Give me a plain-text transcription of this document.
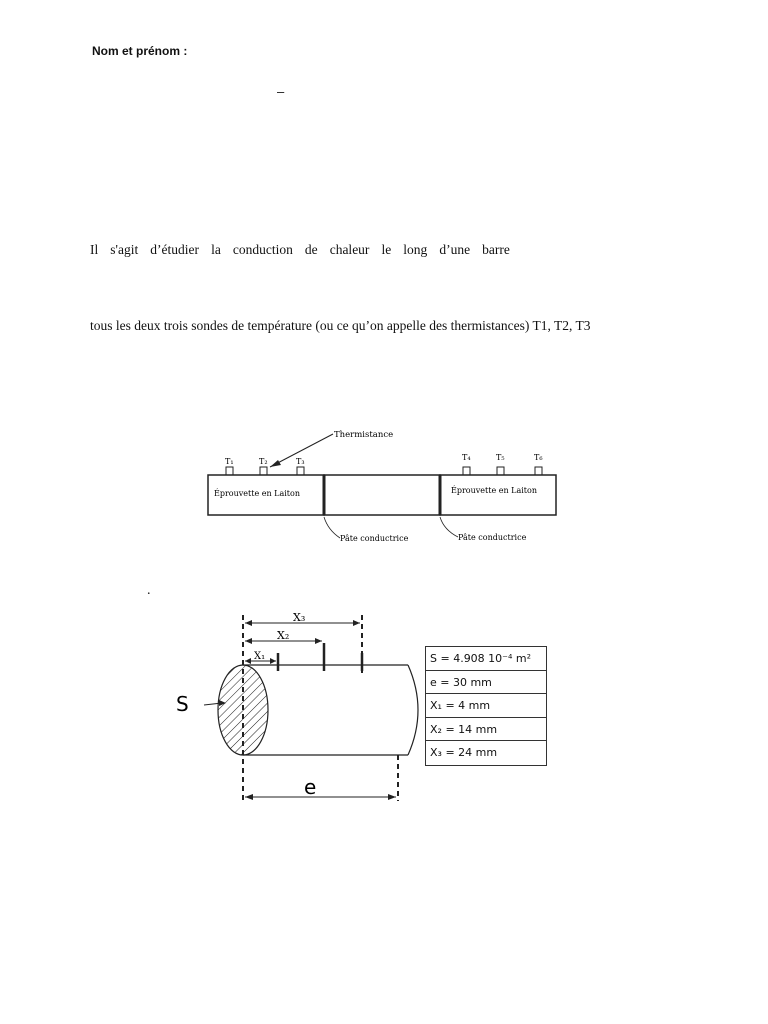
Nom et prénom :
–
Il s'agit d’étudier la conduction de chaleur le long d’une barre
tous les deux trois sondes de température (ou ce qu’on appelle des thermistances) T1, T2, T3
T₁	T₂	T₃	T₄	T₅	T₆
Thermistance
Éprouvette en Laiton	Éprouvette en Laiton
Pâte conductrice	Pâte conductrice
.
X₃
X₂
X₁
S
e
S = 4.908 10⁻⁴ m²
e = 30 mm
X₁ = 4 mm
X₂ = 14 mm
X₃ = 24 mm
